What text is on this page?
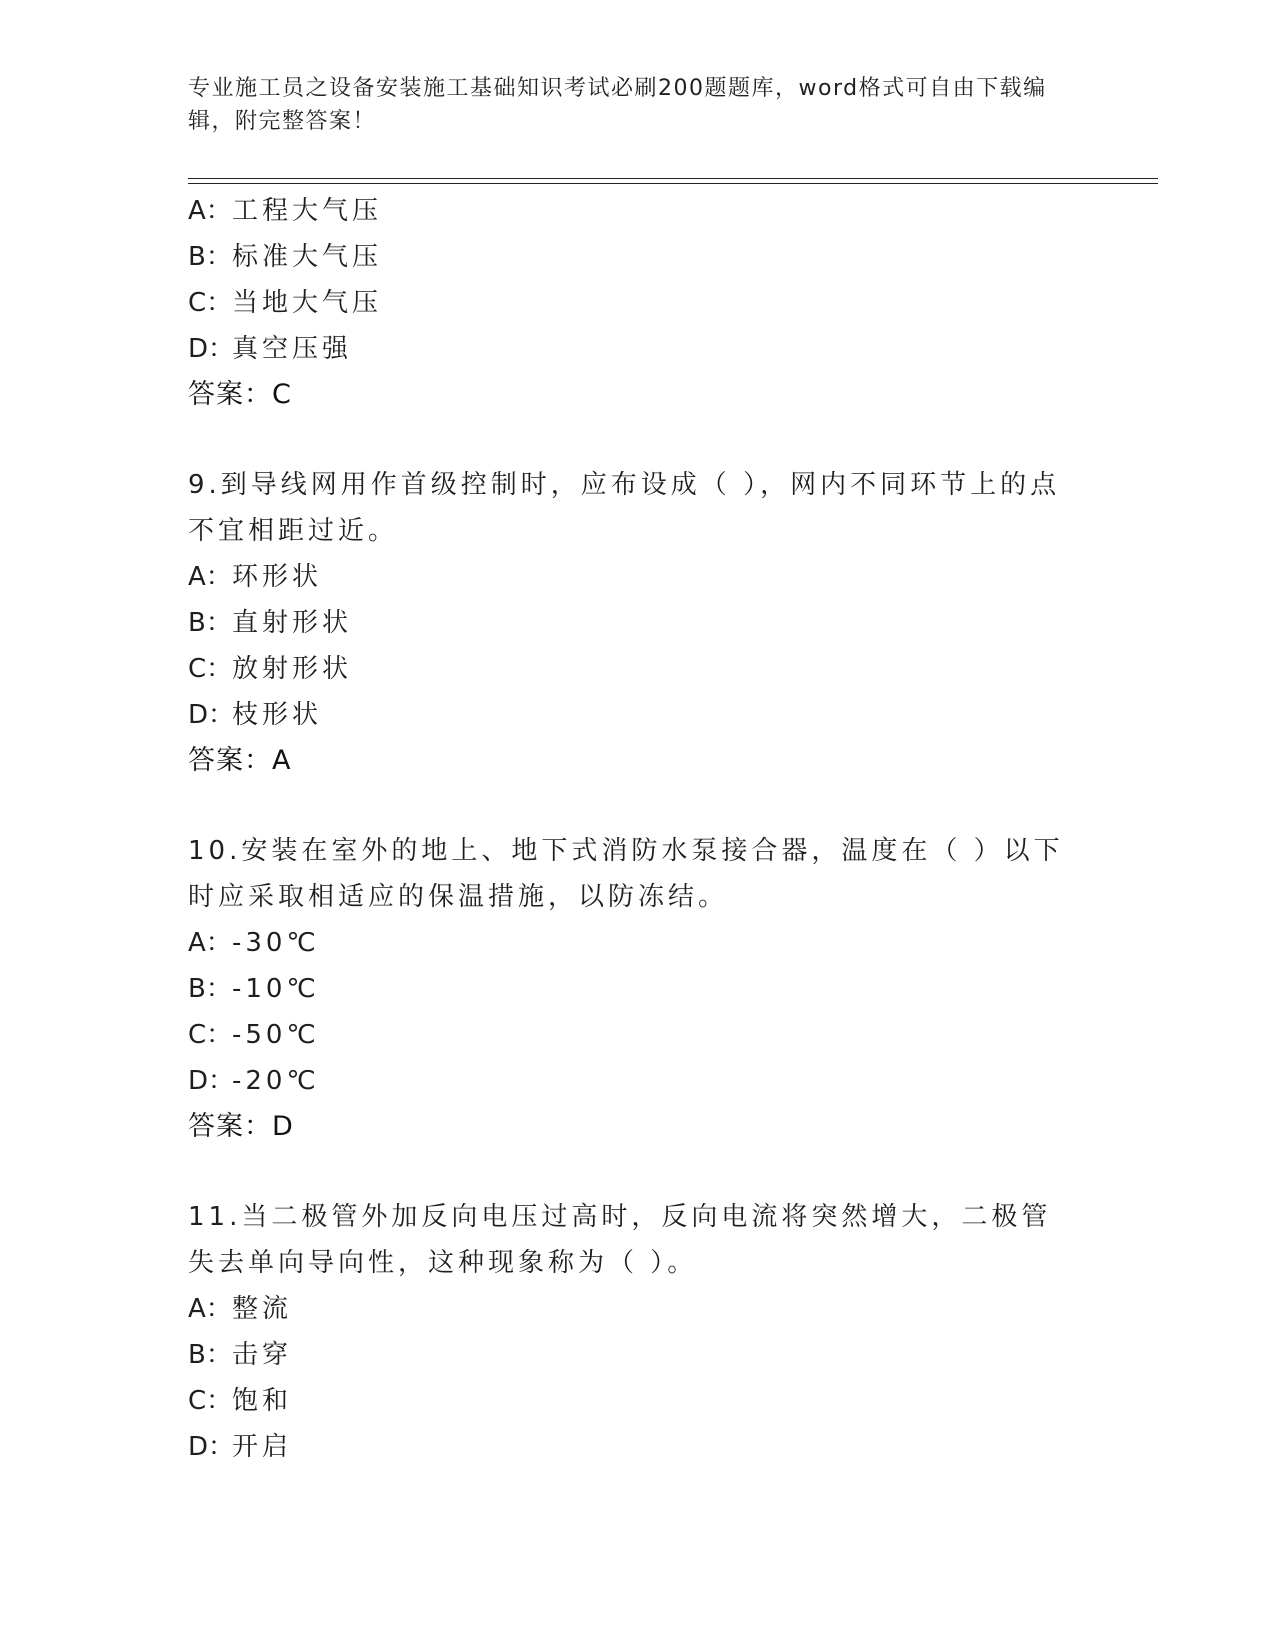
专业施工员之设备安装施工基础知识考试必刷200题题库，word格式可自由下载编辑，附完整答案！
A：工程大气压
B：标准大气压
C：当地大气压
D：真空压强
答案：C
9.到导线网用作首级控制时，应布设成（ ），网内不同环节上的点不宜相距过近。
A：环形状
B：直射形状
C：放射形状
D：枝形状
答案：A
10.安装在室外的地上、地下式消防水泵接合器，温度在（ ）以下时应采取相适应的保温措施，以防冻结。
A：-30℃
B：-10℃
C：-50℃
D：-20℃
答案：D
11.当二极管外加反向电压过高时，反向电流将突然增大，二极管失去单向导向性，这种现象称为（ ）。
A：整流
B：击穿
C：饱和
D：开启
